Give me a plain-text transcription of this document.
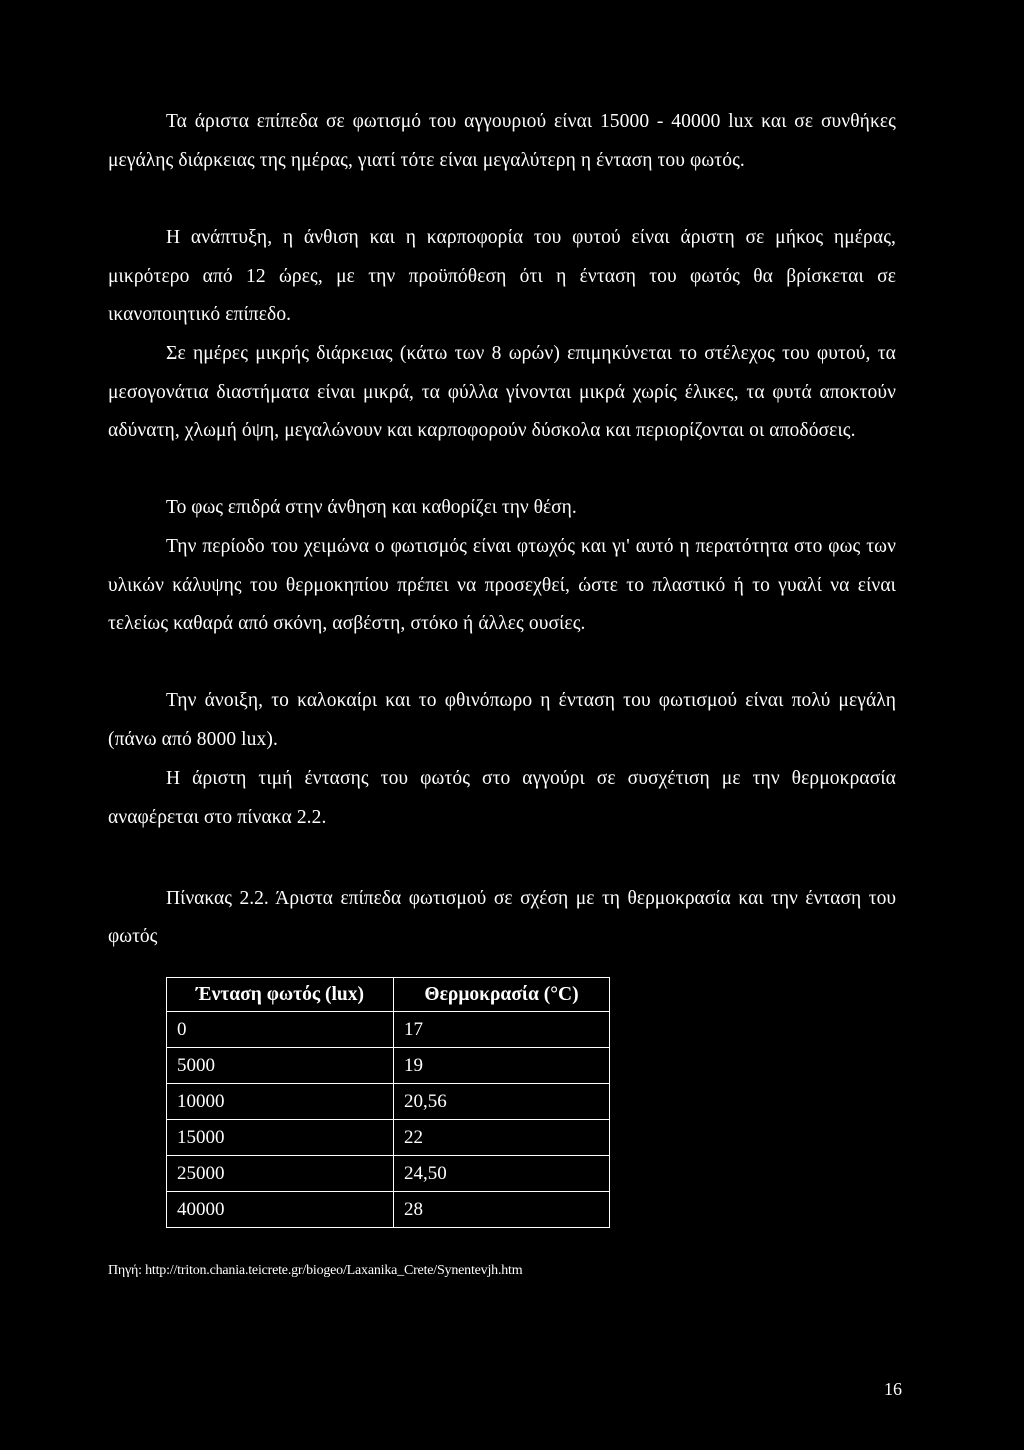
Τα άριστα επίπεδα σε φωτισμό του αγγουριού είναι 15000 - 40000 lux και σε συνθήκες μεγάλης διάρκειας της ημέρας, γιατί τότε είναι μεγαλύτερη η ένταση του φωτός.

Η ανάπτυξη, η άνθιση και η καρποφορία του φυτού είναι άριστη σε μήκος ημέρας, μικρότερο από 12 ώρες, με την προϋπόθεση ότι η ένταση του φωτός θα βρίσκεται σε ικανοποιητικό επίπεδο.

Σε ημέρες μικρής διάρκειας (κάτω των 8 ωρών) επιμηκύνεται το στέλεχος του φυτού, τα μεσογονάτια διαστήματα είναι μικρά, τα φύλλα γίνονται μικρά χωρίς έλικες, τα φυτά αποκτούν αδύνατη, χλωμή όψη, μεγαλώνουν και καρποφορούν δύσκολα και περιορίζονται οι αποδόσεις.

Το φως επιδρά στην άνθηση και καθορίζει την θέση.

Την περίοδο του χειμώνα ο φωτισμός είναι φτωχός και γι' αυτό η περατότητα στο φως των υλικών κάλυψης του θερμοκηπίου πρέπει να προσεχθεί, ώστε το πλαστικό ή το γυαλί να είναι τελείως καθαρά από σκόνη, ασβέστη, στόκο ή άλλες ουσίες.

Την άνοιξη, το καλοκαίρι και το φθινόπωρο η ένταση του φωτισμού είναι πολύ μεγάλη (πάνω από 8000 lux).

Η άριστη τιμή έντασης του φωτός στο αγγούρι σε συσχέτιση με την θερμοκρασία αναφέρεται στο πίνακα 2.2.

Πίνακας 2.2. Άριστα επίπεδα φωτισμού σε σχέση με τη θερμοκρασία και την ένταση του φωτός

Ένταση φωτός (lux)	Θερμοκρασία (°C)
0	17
5000	19
10000	20,56
15000	22
25000	24,50
40000	28

Πηγή: http://triton.chania.teicrete.gr/biogeo/Laxanika_Crete/Synentevjh.htm

16
